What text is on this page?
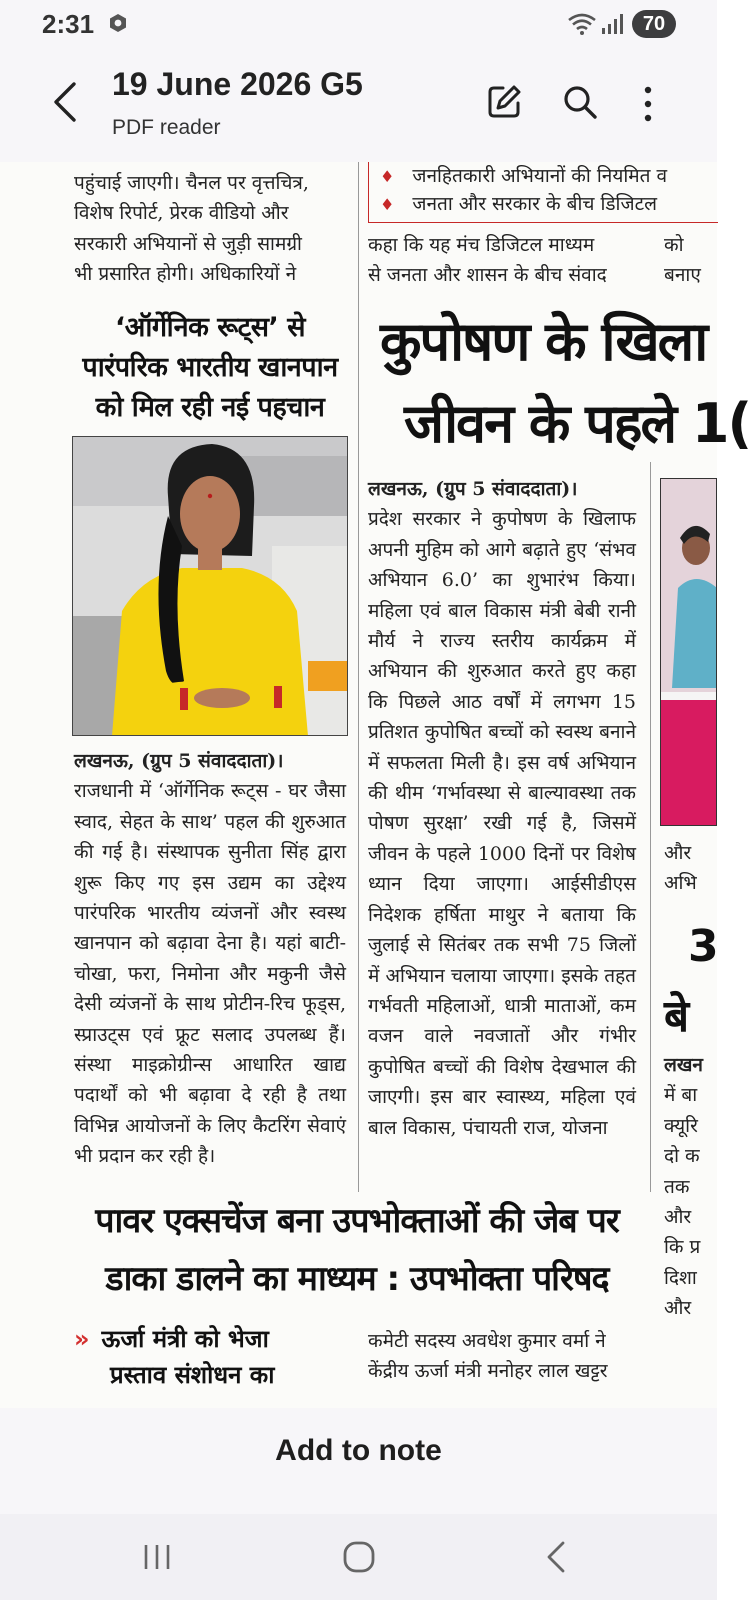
2:31	70
19 June 2026 G5
PDF reader

पहुंचाई जाएगी। चैनल पर वृत्तचित्र,

विशेष रिपोर्ट, प्रेरक वीडियो और

सरकारी अभियानों से जुड़ी सामग्री

भी प्रसारित होगी। अधिकारियों ने

‘ऑर्गेनिक रूट्स’ से
पारंपरिक भारतीय खानपान
को मिल रही नई पहचान

लखनऊ, (ग्रुप 5 संवाददाता)।

राजधानी में ‘ऑर्गेनिक रूट्स - घर जैसा स्वाद, सेहत के साथ’ पहल की शुरुआत की गई है। संस्थापक सुनीता सिंह द्वारा शुरू किए गए इस उद्यम का उद्देश्य पारंपरिक भारतीय व्यंजनों और स्वस्थ खानपान को बढ़ावा देना है। यहां बाटी-चोखा, फरा, निमोना और मकुनी जैसे देसी व्यंजनों के साथ प्रोटीन-रिच फूड्स, स्प्राउट्स एवं फ्रूट सलाद उपलब्ध हैं। संस्था माइक्रोग्रीन्स आधारित खाद्य पदार्थों को भी बढ़ावा दे रही है तथा विभिन्न आयोजनों के लिए कैटरिंग सेवाएं भी प्रदान कर रही है।

♦ जनहितकारी अभियानों की नियमित व
♦ जनता और सरकार के बीच डिजिटल

कहा कि यह मंच डिजिटल माध्यम

से जनता और शासन के बीच संवाद

को
बनाए
कुपोषण के खिला
जीवन के पहले 1(

लखनऊ, (ग्रुप 5 संवाददाता)।

प्रदेश सरकार ने कुपोषण के खिलाफ अपनी मुहिम को आगे बढ़ाते हुए ‘संभव अभियान 6.0’ का शुभारंभ किया। महिला एवं बाल विकास मंत्री बेबी रानी मौर्य ने राज्य स्तरीय कार्यक्रम में अभियान की शुरुआत करते हुए कहा कि पिछले आठ वर्षों में लगभग 15 प्रतिशत कुपोषित बच्चों को स्वस्थ बनाने में सफलता मिली है। इस वर्ष अभियान की थीम ‘गर्भावस्था से बाल्यावस्था तक पोषण सुरक्षा’ रखी गई है, जिसमें जीवन के पहले 1000 दिनों पर विशेष ध्यान दिया जाएगा। आईसीडीएस निदेशक हर्षिता माथुर ने बताया कि जुलाई से सितंबर तक सभी 75 जिलों में अभियान चलाया जाएगा। इसके तहत गर्भवती महिलाओं, धात्री माताओं, कम वजन वाले नवजातों और गंभीर कुपोषित बच्चों की विशेष देखभाल की जाएगी। इस बार स्वास्थ्य, महिला एवं बाल विकास, पंचायती राज, योजना

और
अभि
3
बे
लखन
में बा
क्यूरि
दो क
तक
और
कि प्र
दिशा
और
पावर एक्सचेंज बना उपभोक्ताओं की जेब पर
डाका डालने का माध्यम : उपभोक्ता परिषद
» ऊर्जा मंत्री को भेजा
प्रस्ताव संशोधन का

कमेटी सदस्य अवधेश कुमार वर्मा ने

केंद्रीय ऊर्जा मंत्री मनोहर लाल खट्टर

Add to note
